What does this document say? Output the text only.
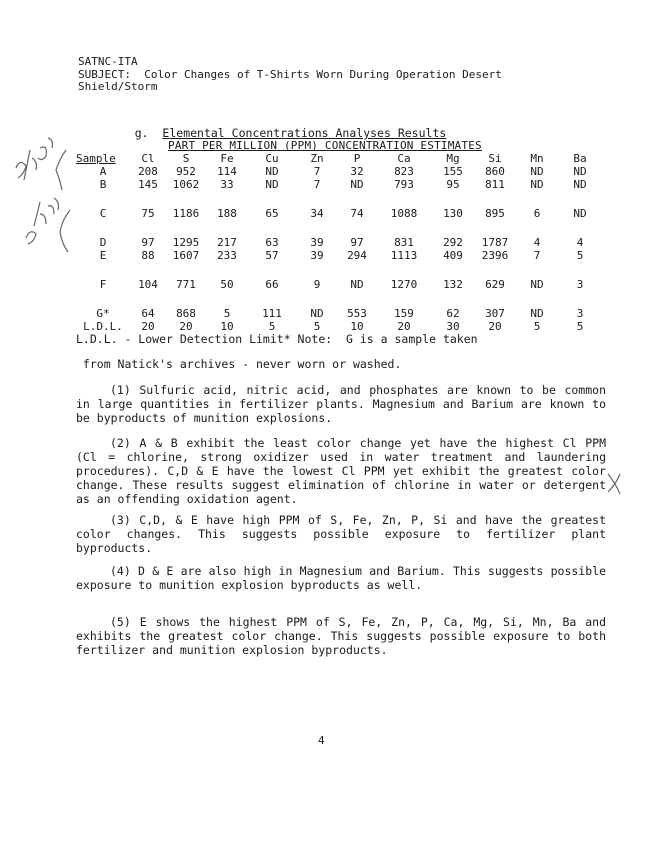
SATNC-ITA
SUBJECT:  Color Changes of T-Shirts Worn During Operation Desert
Shield/Storm

g. Elemental Concentrations Analyses Results

PART PER MILLION (PPM) CONCENTRATION ESTIMATES
Sample	Cl	S	Fe	Cu	Zn	P	Ca	Mg	Si	Mn	Ba
A	208	952	114	ND	7	32	823	155	860	ND	ND
B	145	1062	33	ND	7	ND	793	95	811	ND	ND
C	75	1186	188	65	34	74	1088	130	895	6	ND
D	97	1295	217	63	39	97	831	292	1787	4	4
E	88	1607	233	57	39	294	1113	409	2396	7	5
F	104	771	50	66	9	ND	1270	132	629	ND	3
G*	64	868	5	111	ND	553	159	62	307	ND	3
L.D.L.	20	20	10	5	5	10	20	30	20	5	5
L.D.L. - Lower Detection Limit* Note:  G is a sample taken
from Natick's archives - never worn or washed.

(1) Sulfuric acid, nitric acid, and phosphates are known to be common in large quantities in fertilizer plants. Magnesium and Barium are known to be byproducts of munition explosions.

(2) A & B exhibit the least color change yet have the highest Cl PPM (Cl = chlorine, strong oxidizer used in water treatment and laundering procedures). C,D & E have the lowest Cl PPM yet exhibit the greatest color change. These results suggest elimination of chlorine in water or detergent as an offending oxidation agent.

(3) C,D, & E have high PPM of S, Fe, Zn, P, Si and have the greatest color changes. This suggests possible exposure to fertilizer plant byproducts.

(4) D & E are also high in Magnesium and Barium. This suggests possible exposure to munition explosion byproducts as well.

(5) E shows the highest PPM of S, Fe, Zn, P, Ca, Mg, Si, Mn, Ba and exhibits the greatest color change. This suggests possible exposure to both fertilizer and munition explosion byproducts.

4
